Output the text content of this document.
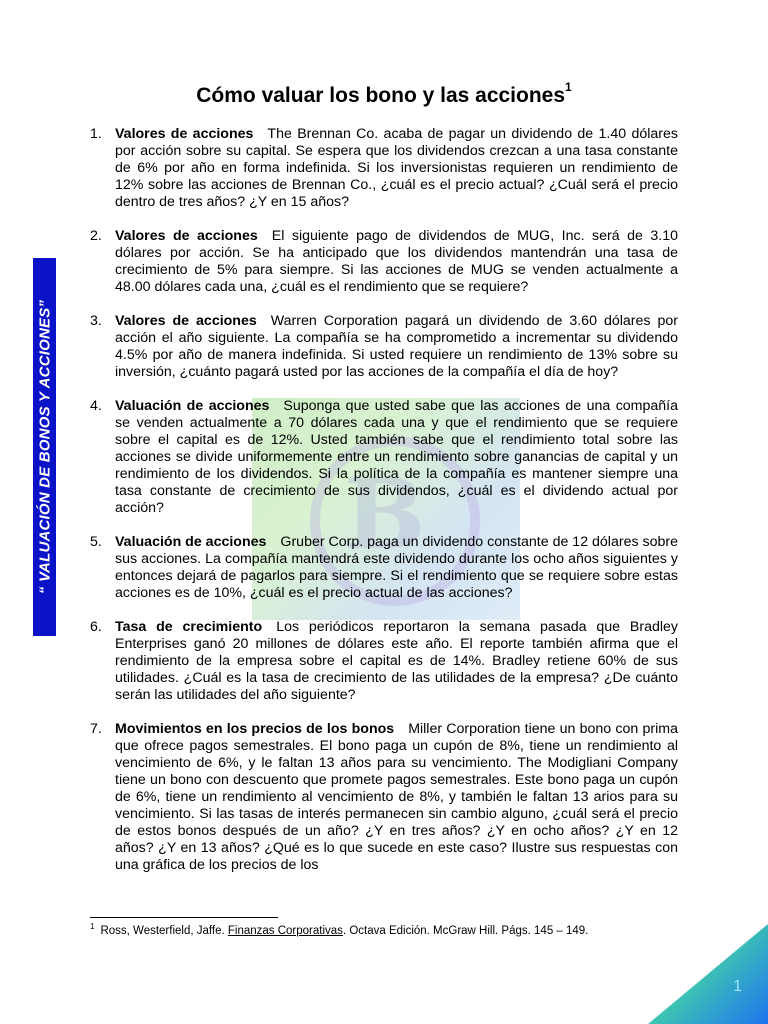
B
“ VALUACIÓN DE BONOS Y ACCIONES”
Cómo valuar los bono y las acciones$^1$
1. Valores de acciones The Brennan Co. acaba de pagar un dividendo de 1.40 dólares por acción sobre su capital. Se espera que los dividendos crezcan a una tasa constante de 6% por año en forma indefinida. Si los inversionistas requieren un rendimiento de 12% sobre las acciones de Brennan Co., ¿cuál es el precio actual? ¿Cuál será el precio dentro de tres años? ¿Y en 15 años?

2. Valores de acciones El siguiente pago de dividendos de MUG, Inc. será de 3.10 dólares por acción. Se ha anticipado que los dividendos mantendrán una tasa de crecimiento de 5% para siempre. Si las acciones de MUG se venden actualmente a 48.00 dólares cada una, ¿cuál es el rendimiento que se requiere?

3. Valores de acciones Warren Corporation pagará un dividendo de 3.60 dólares por acción el año siguiente. La compañía se ha comprometido a incrementar su dividendo 4.5% por año de manera indefinida. Si usted requiere un rendimiento de 13% sobre su inversión, ¿cuánto pagará usted por las acciones de la compañía el día de hoy?

4. Valuación de acciones Suponga que usted sabe que las acciones de una compañía se venden actualmente a 70 dólares cada una y que el rendimiento que se requiere sobre el capital es de 12%. Usted también sabe que el rendimiento total sobre las acciones se divide uniformemente entre un rendimiento sobre ganancias de capital y un rendimiento de los dividendos. Si la política de la compañía es mantener siempre una tasa constante de crecimiento de sus dividendos, ¿cuál es el dividendo actual por acción?

5. Valuación de acciones Gruber Corp. paga un dividendo constante de 12 dólares sobre sus acciones. La compañía mantendrá este dividendo durante los ocho años siguientes y entonces dejará de pagarlos para siempre. Si el rendimiento que se requiere sobre estas acciones es de 10%, ¿cuál es el precio actual de las acciones?

6. Tasa de crecimiento Los periódicos reportaron la semana pasada que Bradley Enterprises ganó 20 millones de dólares este año. El reporte también afirma que el rendimiento de la empresa sobre el capital es de 14%. Bradley retiene 60% de sus utilidades. ¿Cuál es la tasa de crecimiento de las utilidades de la empresa? ¿De cuánto serán las utilidades del año siguiente?

7. Movimientos en los precios de los bonos Miller Corporation tiene un bono con prima que ofrece pagos semestrales. El bono paga un cupón de 8%, tiene un rendimiento al vencimiento de 6%, y le faltan 13 años para su vencimiento. The Modigliani Company tiene un bono con descuento que promete pagos semestrales. Este bono paga un cupón de 6%, tiene un rendimiento al vencimiento de 8%, y también le faltan 13 arios para su vencimiento. Si las tasas de interés permanecen sin cambio alguno, ¿cuál será el precio de estos bonos después de un año? ¿Y en tres años? ¿Y en ocho años? ¿Y en 12 años? ¿Y en 13 años? ¿Qué es lo que sucede en este caso? Ilustre sus respuestas con una gráfica de los precios de los

$^1$ Ross, Westerfield, Jaffe. Finanzas Corporativas. Octava Edición. McGraw Hill. Págs. 145 – 149.
1
